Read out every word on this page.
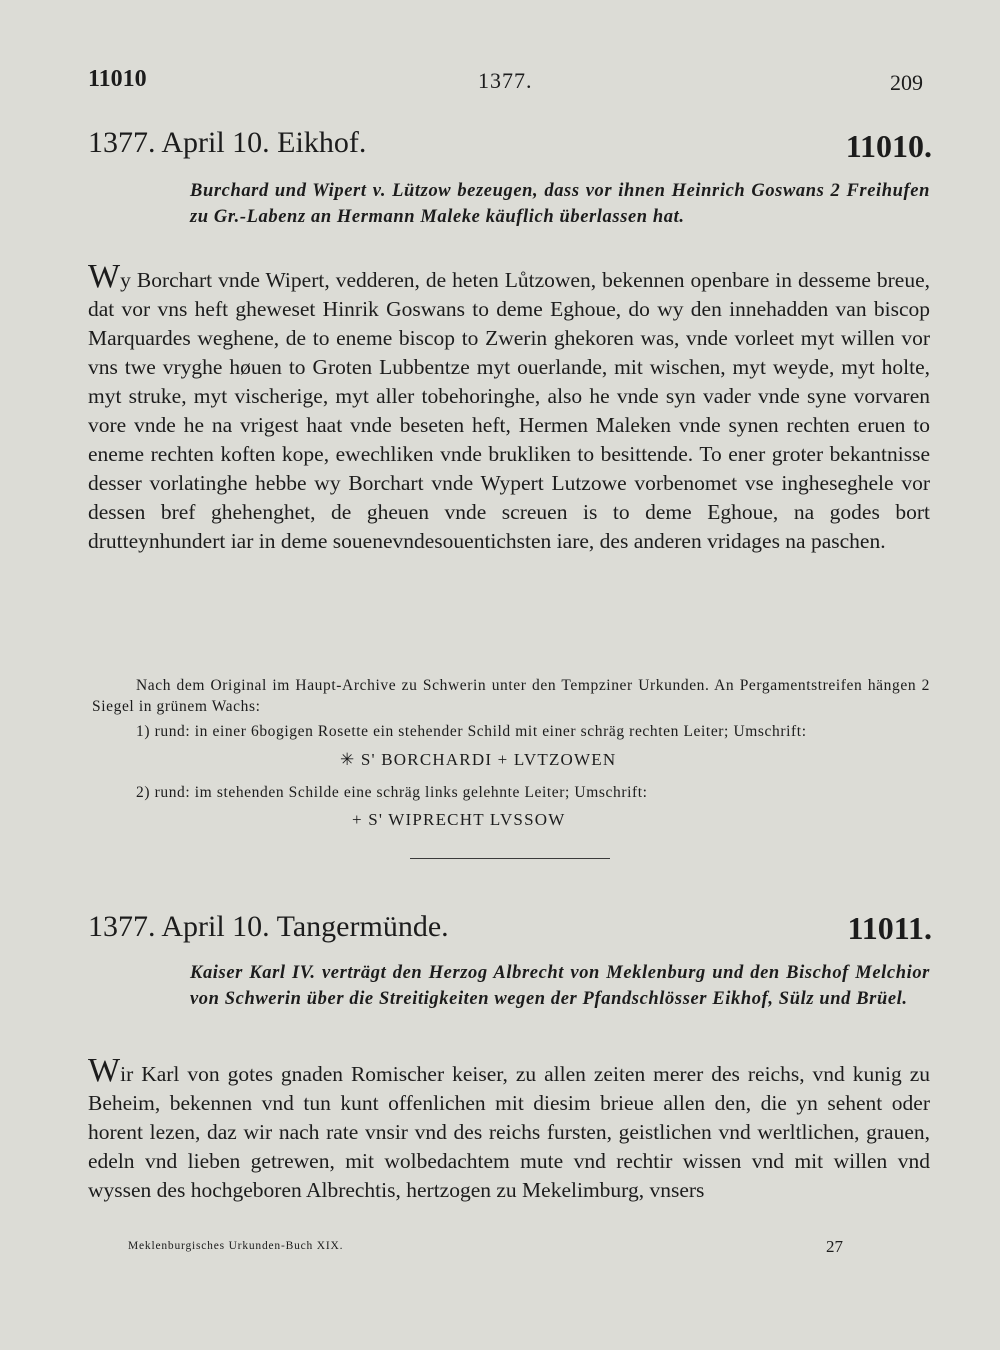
11010	1377.	209
1377. April 10. Eikhof.	11010.
Burchard und Wipert v. Lützow bezeugen, dass vor ihnen Heinrich Goswans 2 Freihufen zu Gr.-Labenz an Hermann Maleke käuflich überlassen hat.

Wy Borchart vnde Wipert, vedderen, de heten Lůtzowen, bekennen openbare in desseme breue, dat vor vns heft gheweset Hinrik Goswans to deme Eghoue, do wy den innehadden van biscop Marquardes weghene, de to eneme biscop to Zwerin ghekoren was, vnde vorleet myt willen vor vns twe vryghe høuen to Groten Lubbentze myt ouerlande, mit wischen, myt weyde, myt holte, myt struke, myt vischerige, myt aller tobehoringhe, also he vnde syn vader vnde syne vorvaren vore vnde he na vrigest haat vnde beseten heft, Hermen Maleken vnde synen rechten eruen to eneme rechten koften kope, ewechliken vnde brukliken to besittende. To ener groter bekantnisse desser vorlatinghe hebbe wy Borchart vnde Wypert Lutzowe vorbenomet vse ingheseghele vor dessen bref ghehenghet, de gheuen vnde screuen is to deme Eghoue, na godes bort drutteynhundert iar in deme souenevndesouentichsten iare, des anderen vridages na paschen.

Nach dem Original im Haupt-Archive zu Schwerin unter den Tempziner Urkunden. An Pergamentstreifen hängen 2 Siegel in grünem Wachs:

1) rund: in einer 6bogigen Rosette ein stehender Schild mit einer schräg rechten Leiter; Umschrift:

✳ S' BORCHARDI + LVTZOWEN

2) rund: im stehenden Schilde eine schräg links gelehnte Leiter; Umschrift:

+ S' WIPRECHT LVSSOW
1377. April 10. Tangermünde.	11011.
Kaiser Karl IV. verträgt den Herzog Albrecht von Meklenburg und den Bischof Melchior von Schwerin über die Streitigkeiten wegen der Pfandschlösser Eikhof, Sülz und Brüel.

Wir Karl von gotes gnaden Romischer keiser, zu allen zeiten merer des reichs, vnd kunig zu Beheim, bekennen vnd tun kunt offenlichen mit diesim brieue allen den, die yn sehent oder horent lezen, daz wir nach rate vnsir vnd des reichs fursten, geistlichen vnd werltlichen, grauen, edeln vnd lieben getrewen, mit wolbedachtem mute vnd rechtir wissen vnd mit willen vnd wyssen des hochgeboren Albrechtis, hertzogen zu Mekelimburg, vnsers

Meklenburgisches Urkunden-Buch XIX.	27
